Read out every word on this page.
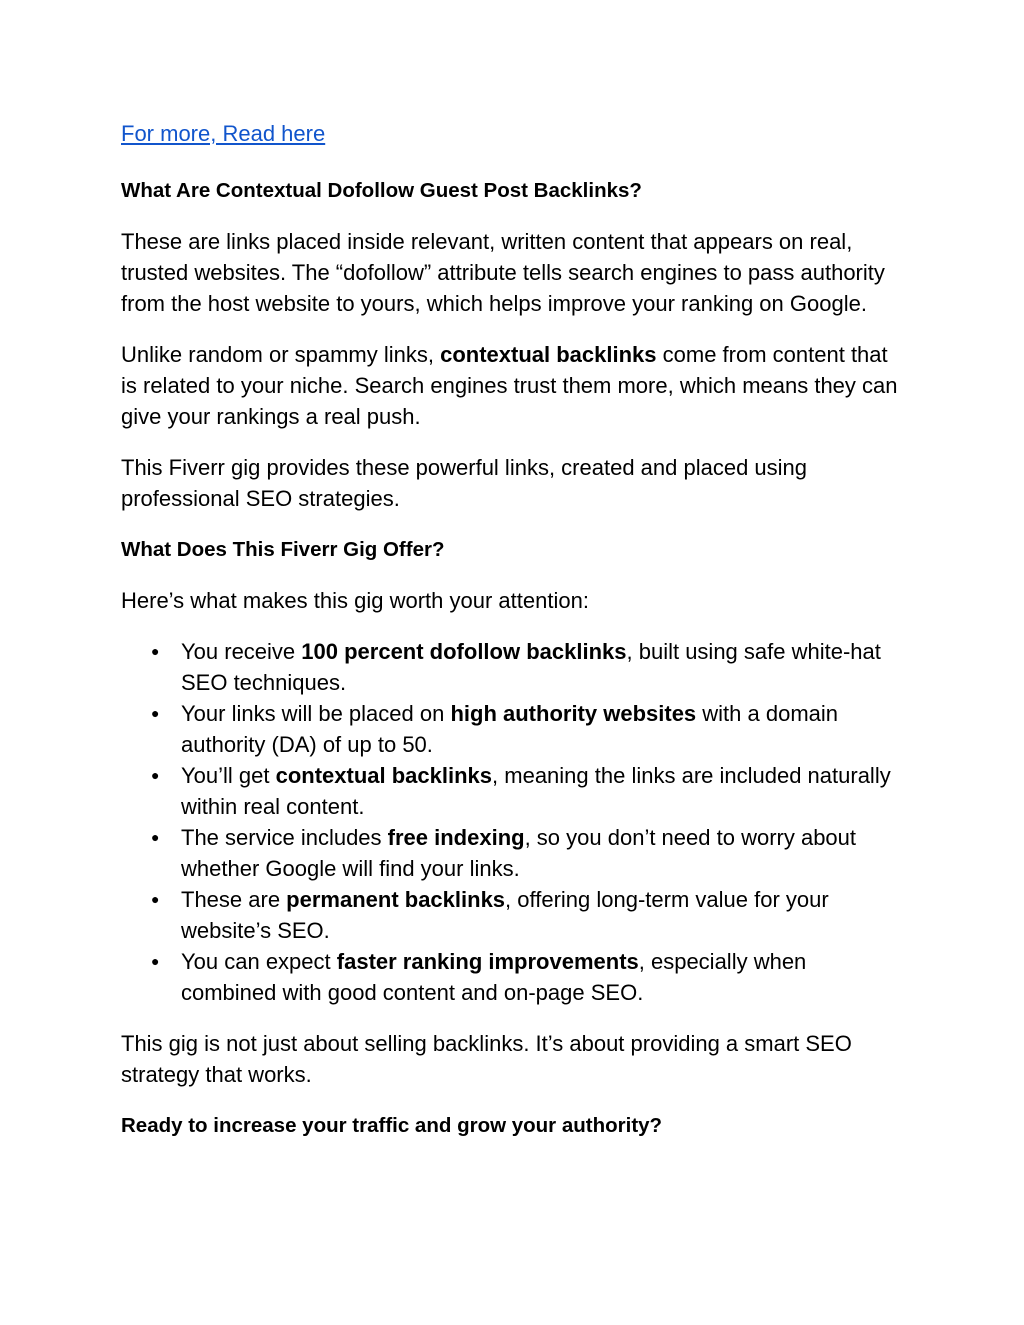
For more, Read here
What Are Contextual Dofollow Guest Post Backlinks?

These are links placed inside relevant, written content that appears on real, trusted websites. The “dofollow” attribute tells search engines to pass authority from the host website to yours, which helps improve your ranking on Google.

Unlike random or spammy links, contextual backlinks come from content that is related to your niche. Search engines trust them more, which means they can give your rankings a real push.

This Fiverr gig provides these powerful links, created and placed using professional SEO strategies.

What Does This Fiverr Gig Offer?

Here’s what makes this gig worth your attention:

● You receive 100 percent dofollow backlinks, built using safe white-hat SEO techniques.
● Your links will be placed on high authority websites with a domain authority (DA) of up to 50.
● You’ll get contextual backlinks, meaning the links are included naturally within real content.
● The service includes free indexing, so you don’t need to worry about whether Google will find your links.
● These are permanent backlinks, offering long-term value for your website’s SEO.
● You can expect faster ranking improvements, especially when combined with good content and on-page SEO.

This gig is not just about selling backlinks. It’s about providing a smart SEO strategy that works.

Ready to increase your traffic and grow your authority?
